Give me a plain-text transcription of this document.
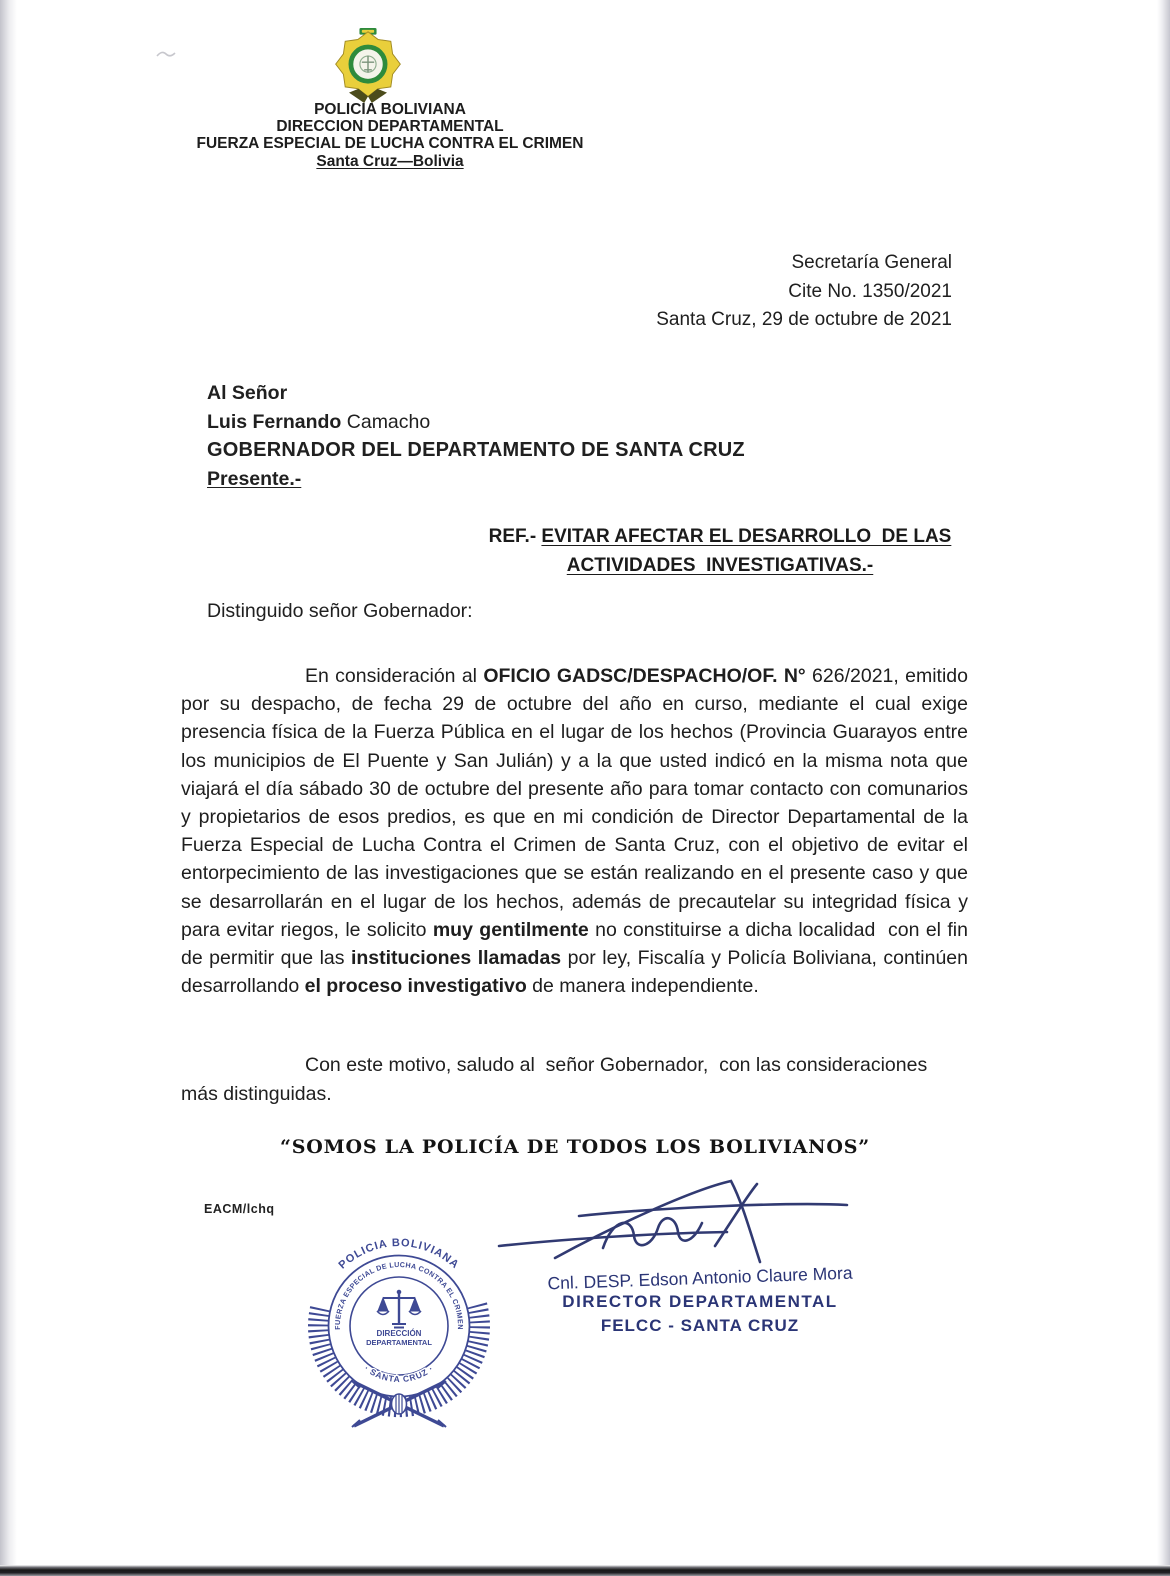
POLICIA BOLIVIANA
DIRECCION DEPARTAMENTAL
FUERZA ESPECIAL DE LUCHA CONTRA EL CRIMEN
Santa Cruz—Bolivia
Secretaría General
Cite No. 1350/2021
Santa Cruz, 29 de octubre de 2021
Al Señor
Luis Fernando Camacho
GOBERNADOR DEL DEPARTAMENTO DE SANTA CRUZ
Presente.-
REF.- EVITAR AFECTAR EL DESARROLLO  DE LAS
ACTIVIDADES  INVESTIGATIVAS.-
Distinguido señor Gobernador:
En consideración al OFICIO GADSC/DESPACHO/OF. N° 626/2021, emitido por su despacho, de fecha 29 de octubre del año en curso, mediante el cual exige presencia física de la Fuerza Pública en el lugar de los hechos (Provincia Guarayos entre los municipios de El Puente y San Julián) y a la que usted indicó en la misma nota que viajará el día sábado 30 de octubre del presente año para tomar contacto con comunarios y propietarios de esos predios, es que en mi condición de Director Departamental de la Fuerza Especial de Lucha Contra el Crimen de Santa Cruz, con el objetivo de evitar el entorpecimiento de las investigaciones que se están realizando en el presente caso y que se desarrollarán en el lugar de los hechos, además de precautelar su integridad física y para evitar riegos, le solicito muy gentilmente no constituirse a dicha localidad  con el fin de permitir que las instituciones llamadas por ley, Fiscalía y Policía Boliviana, continúen desarrollando el proceso investigativo de manera independiente.
Con este motivo, saludo al  señor Gobernador,  con las consideraciones más distinguidas.
“SOMOS LA POLICÍA DE TODOS LOS BOLIVIANOS”
EACM/lchq
Cnl. DESP. Edson Antonio Claure Mora
DIRECTOR DEPARTAMENTAL
FELCC - SANTA CRUZ
POLICIA BOLIVIANA
FUERZA ESPECIAL DE LUCHA CONTRA EL CRIMEN
· SANTA CRUZ ·
DIRECCIÓN
DEPARTAMENTAL
